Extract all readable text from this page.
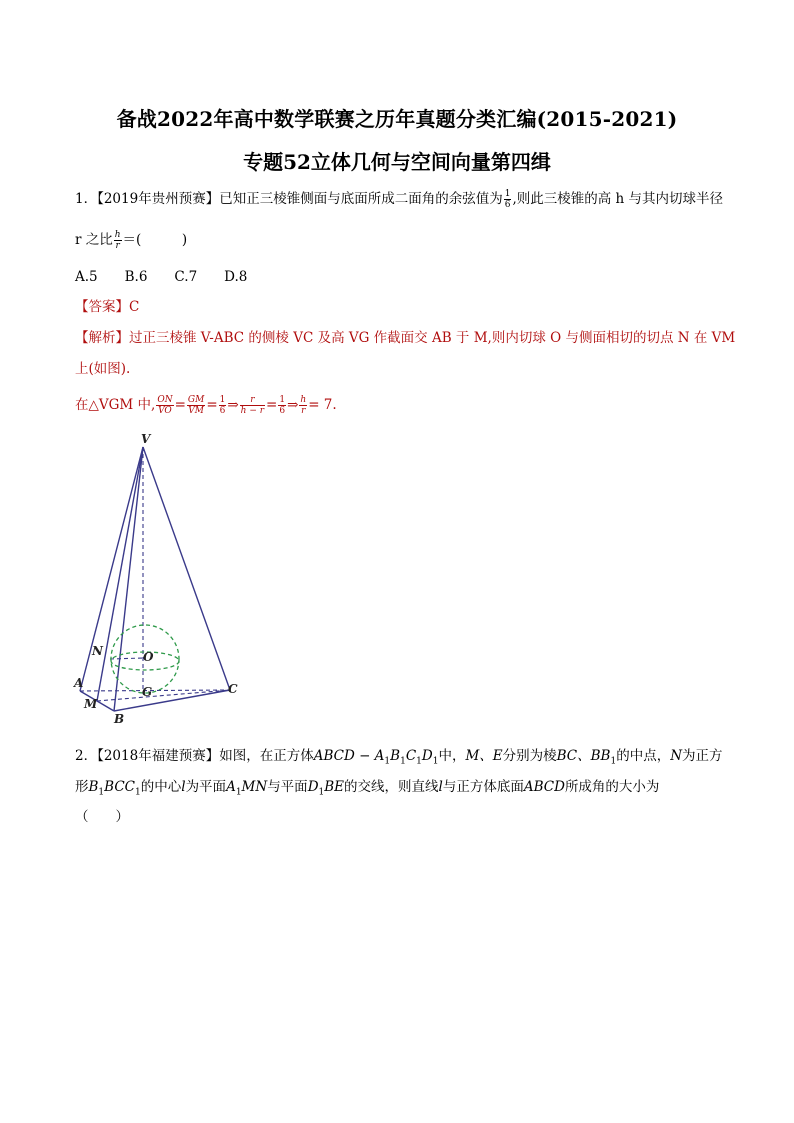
备战2022年高中数学联赛之历年真题分类汇编(2015-2021)
专题52立体几何与空间向量第四缉
1．【2019年贵州预赛】已知正三棱锥侧面与底面所成二面角的余弦值为 $\frac{1}{6}$ ,则此三棱锥的高 h 与其内切球半径
r 之比 $\frac{h}{r}$ ＝(　　　)
A.5　　B.6　　C.7　　D.8
【答案】C
【解析】过正三棱锥 V-ABC 的侧棱 VC 及高 VG 作截面交 AB 于 M,则内切球 O 与侧面相切的切点 N 在 VM
上(如图).
在△VGM 中, $\frac{ON}{VO} = \frac{GM}{VM} = \frac{1}{6}$ ⇒ $\frac{r}{h - r} = \frac{1}{6}$ ⇒ $\frac{h}{r} = 7$.
V
N	O
A
M
G	C
B
2．【2018年福建预赛】如图，在正方体ABCD − $A_1B_1C_1D_1$中，M、E分别为棱BC、$BB_1$的中点，N为正方
形$B_1BCC_1$的中心l为平面$A_1MN$与平面$D_1BE$的交线，则直线l与正方体底面ABCD所成角的大小为
（　　）
